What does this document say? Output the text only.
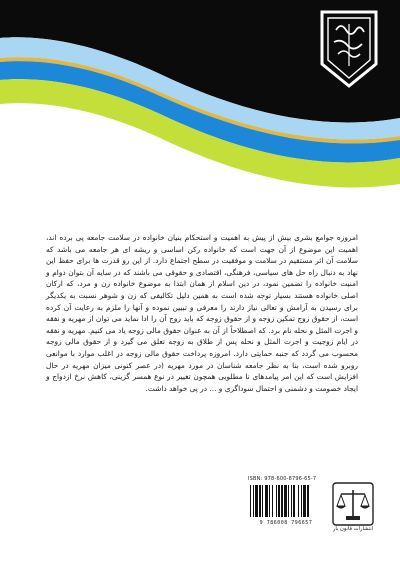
امروزه جوامع بشری بیش از پیش به اهمیت و استحکام بنیان خانواده در سلامت جامعه پی برده اند، اهمیت این موضوع از آن جهت است که خانواده رکن اساسی و ریشه ای هر جامعه می باشد که سلامت آن اثر مستقیم در سلامت و موفقیت در سطح اجتماع دارد. از این رو قدرت ها برای حفظ این نهاد به دنبال راه حل های سیاسی، فرهنگی، اقتصادی و حقوقی می باشند که در سایه آن بتوان دوام و امنیت خانواده را تضمین نمود، در دین اسلام از همان ابتدا به موضوع خانواده زن و مرد، که ارکان اصلی خانواده هستند بسیار توجه شده است به همین دلیل تکالیفی که زن و شوهر نسبت به یکدیگر برای رسیدن به آرامش و تعالی نیاز دارند را معرفی و تبیین نموده و آنها را ملزم به رعایت آن کرده است، از حقوق زوج تمکین زوجه و از حقوق زوجه که باید زوج آن را ادا نماید می توان از مهریه و نفقه و اجرت المثل و نحله نام برد. که اصطلاحاً از آن به عنوان حقوق مالی زوجه یاد می کنیم. مهریه و نفقه در ایام زوجیت و اجرت المثل و نحله پس از طلاق به زوجه تعلق می گیرد و از حقوق مالی زوجه محسوب می گردد که جنبه حمایتی دارد. امروزه پرداخت حقوق مالی زوجه در اغلب موارد با موانعی روبرو شده است، بنا به نظر جامعه شناسان در مورد مهریه (در عصر کنونی میزان مهریه در حال افزایش است که این امر پیامدهای نا مطلوبی همچون تغییر در نوع همسر گزینی، کاهش نرخ ازدواج و ایجاد خصومت و دشمنی و احتمال سوداگری و ... در پی خواهد داشت.

ISBN: 978-600-8796-65-7
9 786008 796657
انتشارات قانون یار
